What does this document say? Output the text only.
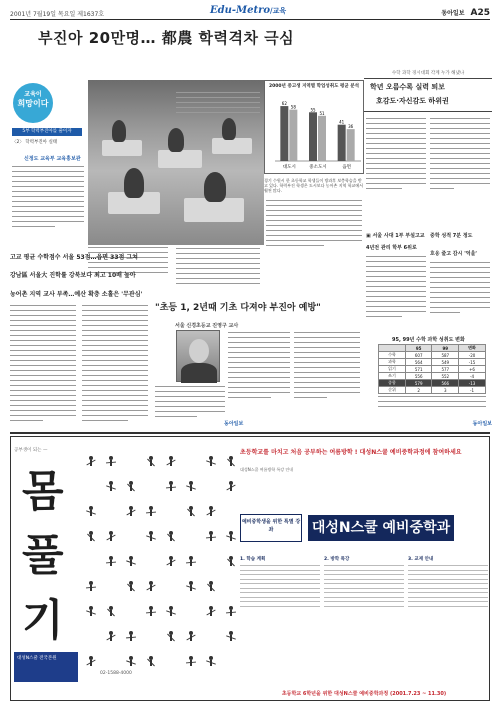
2001년 7월19일 목요일 제1637호	Edu-Metro/교육	동아일보 A25
부진아 20만명… 都農 학력격차 극심
교육이
희망이다
5부 학력부진아를 줄이자
〈2〉 학력부진아 실태
신정도 교육부 교육홍보관
2000년 중고생 지역별 학업성취도 평균 분석
62
58
대도시
55
51
중소도시
41
36
읍면
경기 수원시 한 초등학교 학생들이 방과후 보충학습을 받고 있다. 학력부진 학생은 도시보다 농어촌 지역 학교에서 훨씬 많다.
고교 평균 수학점수 서울 53점…읍면 33점 그쳐
강남區 서울大 진학률 강북보다 최고 10배 높아
농어촌 지역 교사 부족…예산 확충 소홀은 '무관심'
"초등 1, 2년때 기초 다져야 부진아 예방"
서울 신경초등교 진영구 교사
수학 과학 경시대회 각계 누가 해냈나
학년 오름수록 실력 퇴보
호감도·자신감도 하위권
▣ 서울 사대 1부 부설고교
4년전 관리 학부 6위로
중학 성적 7분 정도
호응 줄고 감시 '억울'
95, 99년 수학 과학 성취도 변화
	95	99	변화
수학	607	587	-20
과학	564	549	-15
읽기	571	577	+6
쓰기	556	552	-4
종합	579	566	-13
순위	2	3	-1
동아일보	동아일보
공부생이 되는 —
몸
풀
기
대성N스쿨 전국본원
초등학교를 마치고 처음 공부하는 여름방학 ! 대성N스쿨 예비중학과정에 참여하세요
대성N스쿨 여름방학 특강 안내
예비중학생을 위한 특별 강좌	대성N스쿨 예비중학과정
1. 학습 계획	2. 방학 특강	3. 교재 안내
02-1588-4000
초등학교 6학년을 위한 대성N스쿨 예비중학과정 (2001.7.23 ~ 11.30)
